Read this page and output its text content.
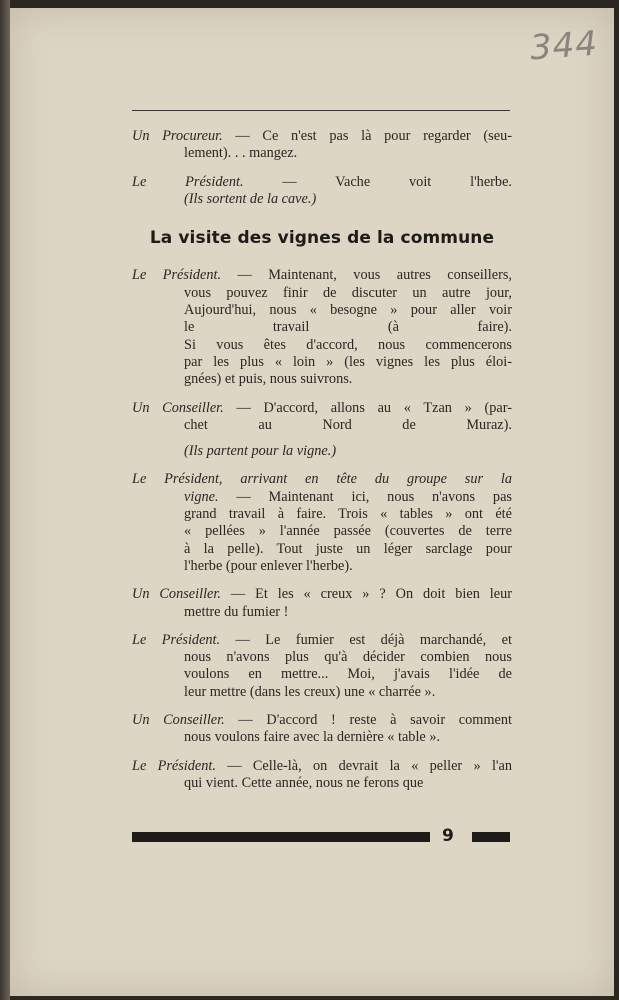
344
Un Procureur. — Ce n'est pas là pour regarder (seu-
lement). . . mangez.
Le Président. — Vache voit l'herbe.
(Ils sortent de la cave.)
La visite des vignes de la commune
Le Président. — Maintenant, vous autres conseillers,
vous pouvez finir de discuter un autre jour,
Aujourd'hui, nous « besogne » pour aller voir
le travail (à faire).
Si vous êtes d'accord, nous commencerons
par les plus « loin » (les vignes les plus éloi-
gnées) et puis, nous suivrons.
Un Conseiller. — D'accord, allons au « Tzan » (par-
chet au Nord de Muraz).
(Ils partent pour la vigne.)
Le Président, arrivant en tête du groupe sur la
vigne. — Maintenant ici, nous n'avons pas
grand travail à faire. Trois « tables » ont été
« pellées » l'année passée (couvertes de terre
à la pelle). Tout juste un léger sarclage pour
l'herbe (pour enlever l'herbe).
Un Conseiller. — Et les « creux » ? On doit bien leur
mettre du fumier !
Le Président. — Le fumier est déjà marchandé, et
nous n'avons plus qu'à décider combien nous
voulons en mettre... Moi, j'avais l'idée de
leur mettre (dans les creux) une « charrée ».
Un Conseiller. — D'accord ! reste à savoir comment
nous voulons faire avec la dernière « table ».
Le Président. — Celle-là, on devrait la « peller » l'an
qui vient. Cette année, nous ne ferons que
9
